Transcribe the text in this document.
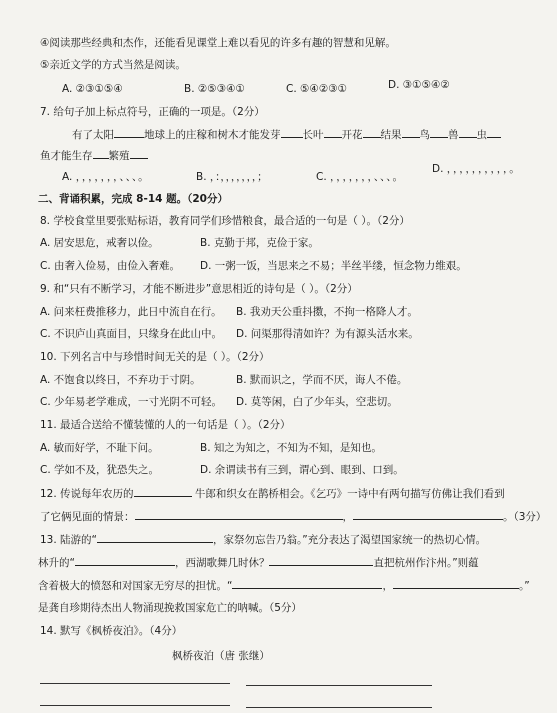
④阅读那些经典和杰作，还能看见课堂上难以看见的许多有趣的智慧和见解。
⑤亲近文学的方式当然是阅读。
A. ②③①⑤④	B. ②⑤③④①	C. ⑤④②③①	D. ③①⑤④②
7. 给句子加上标点符号，正确的一项是。（2分）
有了太阳	地球上的庄稼和树木才能发芽 长叶 开花 结果 鸟 兽 虫
鱼才能生存 繁殖
A. ，，，，，，，、、、。	B. ，：，，，，，，，；	C. ，，，，，，，、、、。
D. ，，，，，，，，，，。
二、背诵积累，完成 8-14 题。（20分）
8. 学校食堂里要张贴标语，教育同学们珍惜粮食，最合适的一句是（ ）。（2分）
A. 居安思危，戒奢以俭。	B. 克勤于邦，克俭于家。
C. 由奢入俭易，由俭入奢难。 D. 一粥一饭，当思来之不易；半丝半缕，恒念物力维艰。
9. 和“只有不断学习，才能不断进步”意思相近的诗句是（ ）。（2分）
A. 问来枉费推移力，此日中流自在行。 B. 我劝天公重抖擞，不拘一格降人才。
C. 不识庐山真面目，只缘身在此山中。 D. 问渠那得清如许？为有源头活水来。
10. 下列名言中与珍惜时间无关的是（ ）。（2分）
A. 不饱食以终日，不弃功于寸阴。	B. 默而识之，学而不厌，诲人不倦。
C. 少年易老学难成，一寸光阴不可轻。 D. 莫等闲，白了少年头，空悲切。
11. 最适合送给不懂装懂的人的一句话是（ ）。（2分）
A. 敏而好学，不耻下问。	B. 知之为知之，不知为不知，是知也。
C. 学如不及，犹恐失之。	D. 余谓读书有三到，谓心到、眼到、口到。
12. 传说每年农历的	牛郎和织女在鹊桥相会。《乞巧》一诗中有两句描写仿佛让我们看到
了它俩见面的情景：	，	。（3分）
13. 陆游的“	，家祭勿忘告乃翁。”充分表达了渴望国家统一的热切心情。
林升的“	，西湖歌舞几时休？	直把杭州作汴州。”则蕴
含着极大的愤怒和对国家无穷尽的担忧。“	，	。”
是龚自珍期待杰出人物涌现挽救国家危亡的呐喊。（5分）
14. 默写《枫桥夜泊》。（4分）
枫桥夜泊（唐 张继）
